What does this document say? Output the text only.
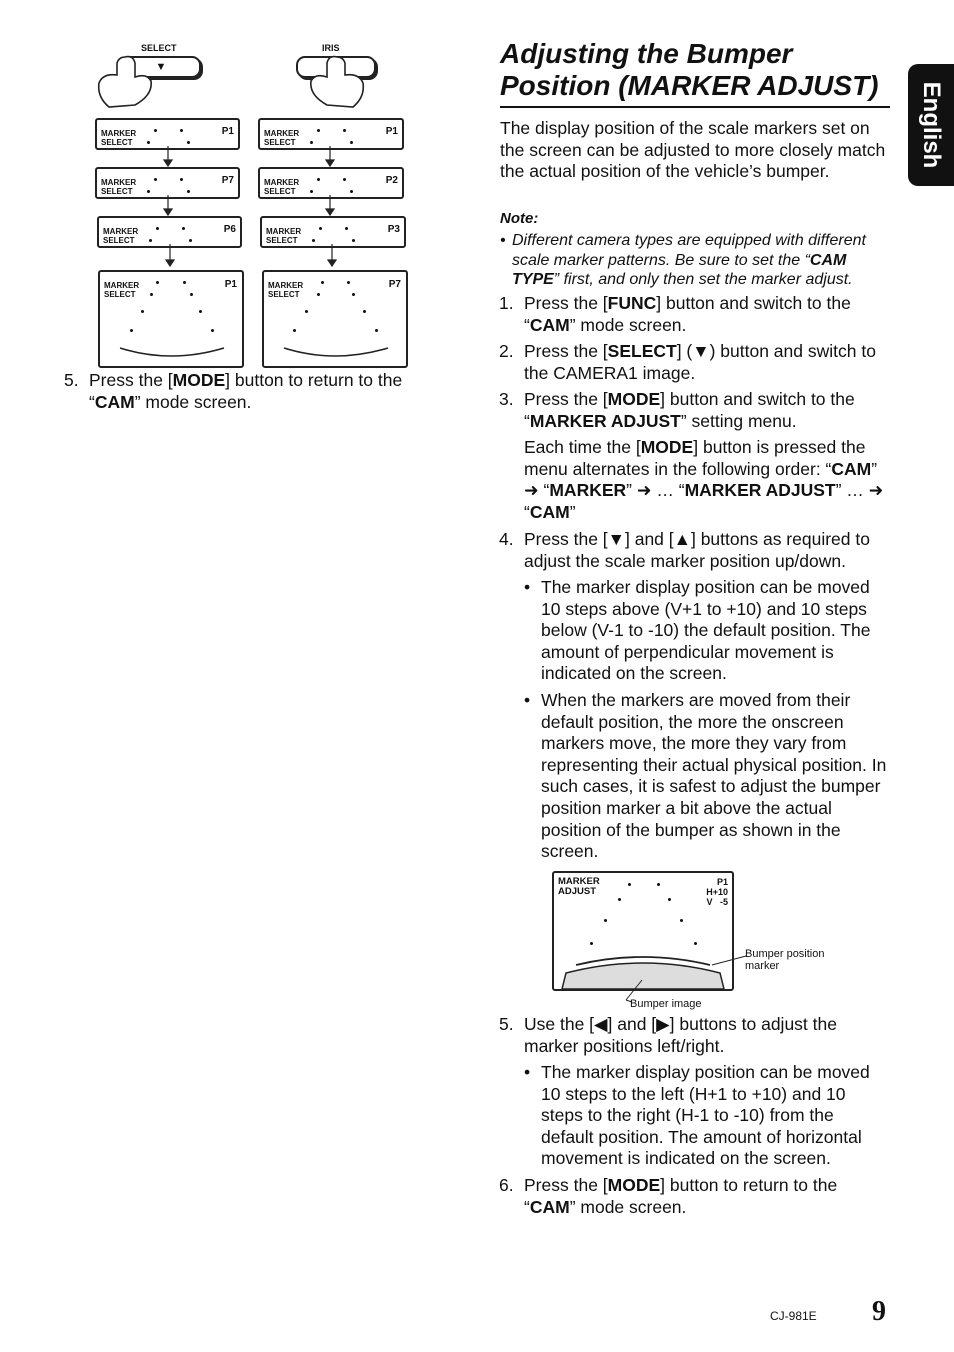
English
Adjusting the Bumper
Position (MARKER ADJUST)
The display position of the scale markers set on the screen can be adjusted to more closely match the actual position of the vehicle’s bumper.
Note:
• Different camera types are equipped with different scale marker patterns. Be sure to set the “CAM TYPE” first, and only then set the marker adjust.
1. Press the [FUNC] button and switch to the “CAM” mode screen.
2. Press the [SELECT] (▼) button and switch to the CAMERA1 image.
3. Press the [MODE] button and switch to the “MARKER ADJUST” setting menu.
Each time the [MODE] button is pressed the menu alternates in the following order: “CAM” ➜ “MARKER” ➜ … “MARKER ADJUST” … ➜ “CAM”
4. Press the [▼] and [▲] buttons as required to adjust the scale marker position up/down.
• The marker display position can be moved 10 steps above (V+1 to +10) and 10 steps below (V-1 to -10) the default position. The amount of perpendicular movement is indicated on the screen.
• When the markers are moved from their default position, the more the onscreen markers move, the more they vary from representing their actual physical position. In such cases, it is safest to adjust the bumper position marker a bit above the actual position of the bumper as shown in the screen.
MARKER
ADJUST
P1
H+10
V   -5
Bumper position
marker
Bumper image
5. Use the [◀] and [▶] buttons to adjust the marker positions left/right.
• The marker display position can be moved 10 steps to the left (H+1 to +10) and 10 steps to the right (H-1 to -10) from the default position. The amount of horizontal movement is indicated on the screen.
6. Press the [MODE] button to return to the “CAM” mode screen.
SELECT
▼
IRIS
MARKER
SELECT
P1
MARKER
SELECT
P7
MARKER
SELECT
P6
MARKER
SELECT
P1
MARKER
SELECT
P1
MARKER
SELECT
P2
MARKER
SELECT
P3
MARKER
SELECT
P7
5. Press the [MODE] button to return to the “CAM” mode screen.
CJ-981E 9
